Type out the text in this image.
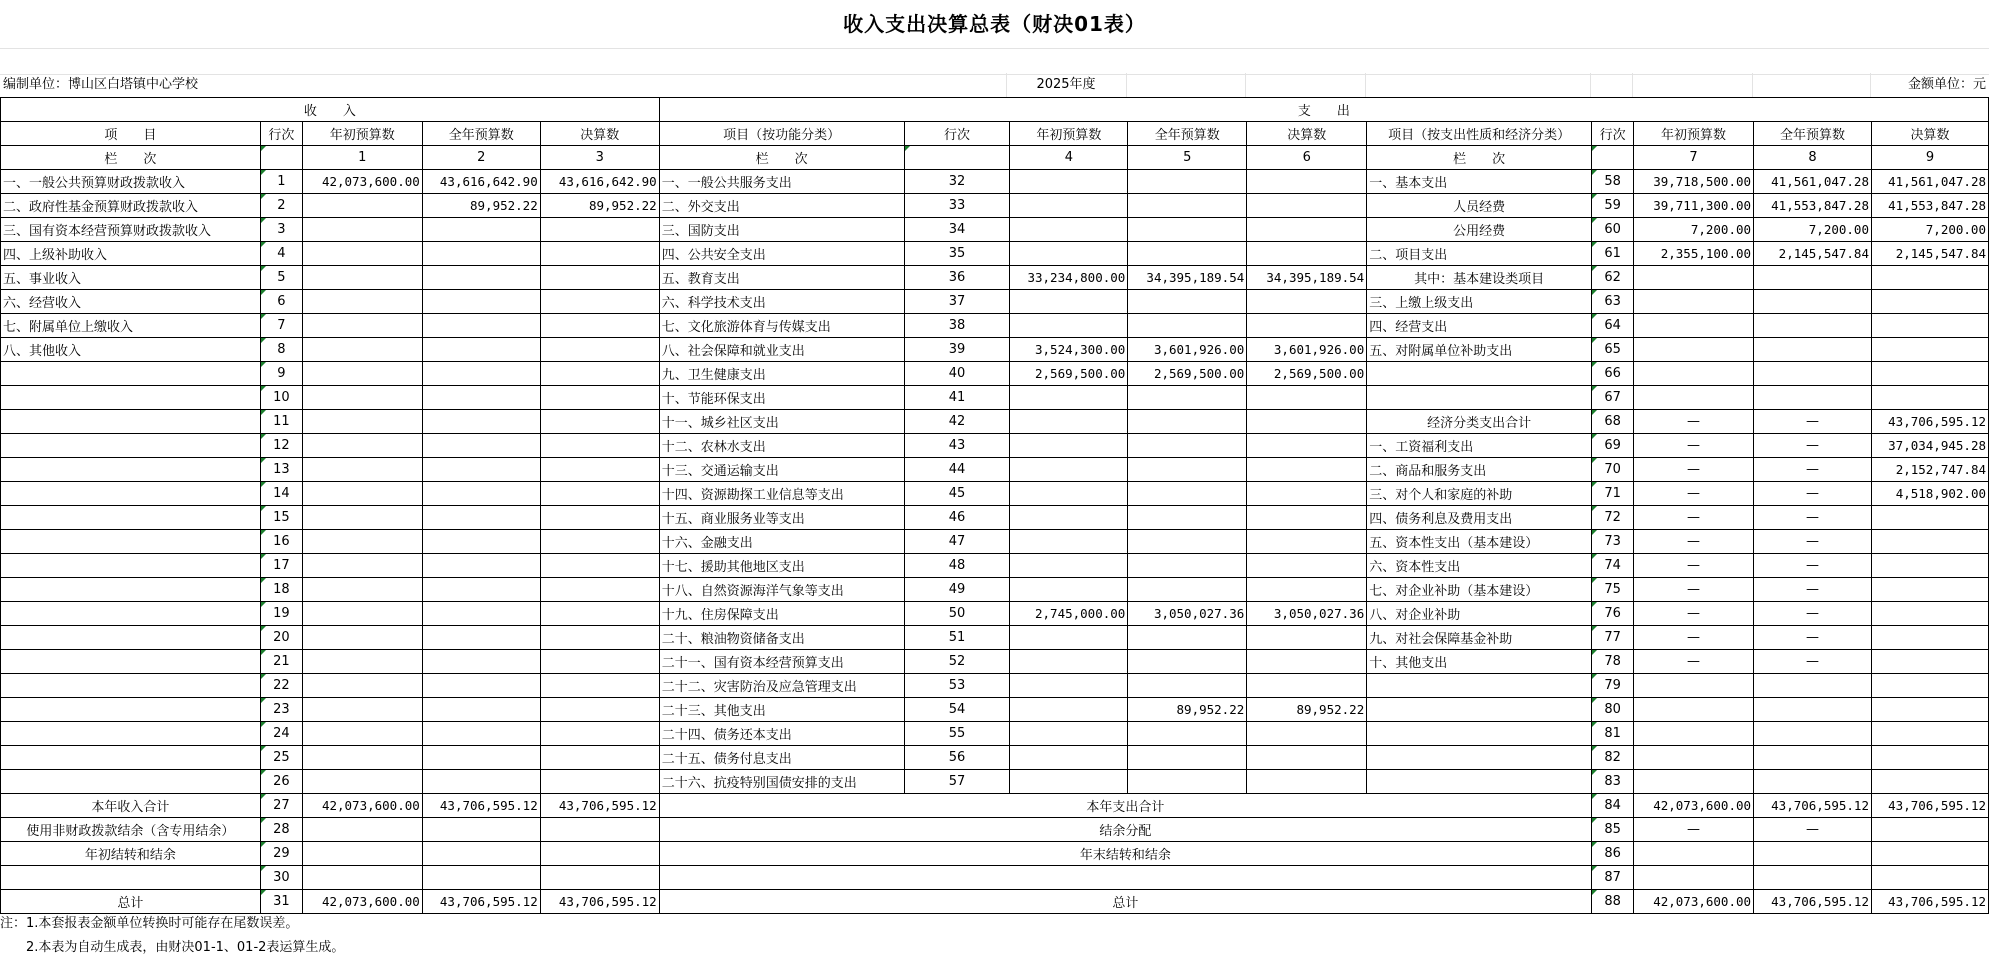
收入支出决算总表（财决01表）
编制单位：博山区白塔镇中心学校	2025年度	金额单位：元
收　　入					支　　出									
项　　目	行次	年初预算数	全年预算数	决算数	项目（按功能分类）	行次	年初预算数	全年预算数	决算数	项目（按支出性质和经济分类）	行次	年初预算数	全年预算数	决算数
栏　　次		1	2	3	栏　　次		4	5	6	栏　　次		7	8	9
一、一般公共预算财政拨款收入	1	42,073,600.00	43,616,642.90	43,616,642.90	一、一般公共服务支出	32				一、基本支出	58	39,718,500.00	41,561,047.28	41,561,047.28
二、政府性基金预算财政拨款收入	2		89,952.22	89,952.22	二、外交支出	33				人员经费	59	39,711,300.00	41,553,847.28	41,553,847.28
三、国有资本经营预算财政拨款收入	3				三、国防支出	34				公用经费	60	7,200.00	7,200.00	7,200.00
四、上级补助收入	4				四、公共安全支出	35				二、项目支出	61	2,355,100.00	2,145,547.84	2,145,547.84
五、事业收入	5				五、教育支出	36	33,234,800.00	34,395,189.54	34,395,189.54	其中：基本建设类项目	62			
六、经营收入	6				六、科学技术支出	37				三、上缴上级支出	63			
七、附属单位上缴收入	7				七、文化旅游体育与传媒支出	38				四、经营支出	64			
八、其他收入	8				八、社会保障和就业支出	39	3,524,300.00	3,601,926.00	3,601,926.00	五、对附属单位补助支出	65			
	9				九、卫生健康支出	40	2,569,500.00	2,569,500.00	2,569,500.00		66			
	10				十、节能环保支出	41					67			
	11				十一、城乡社区支出	42				经济分类支出合计	68	—	—	43,706,595.12
	12				十二、农林水支出	43				一、工资福利支出	69	—	—	37,034,945.28
	13				十三、交通运输支出	44				二、商品和服务支出	70	—	—	2,152,747.84
	14				十四、资源勘探工业信息等支出	45				三、对个人和家庭的补助	71	—	—	4,518,902.00
	15				十五、商业服务业等支出	46				四、债务利息及费用支出	72	—	—	
	16				十六、金融支出	47				五、资本性支出（基本建设）	73	—	—	
	17				十七、援助其他地区支出	48				六、资本性支出	74	—	—	
	18				十八、自然资源海洋气象等支出	49				七、对企业补助（基本建设）	75	—	—	
	19				十九、住房保障支出	50	2,745,000.00	3,050,027.36	3,050,027.36	八、对企业补助	76	—	—	
	20				二十、粮油物资储备支出	51				九、对社会保障基金补助	77	—	—	
	21				二十一、国有资本经营预算支出	52				十、其他支出	78	—	—	
	22				二十二、灾害防治及应急管理支出	53					79			
	23				二十三、其他支出	54		89,952.22	89,952.22		80			
	24				二十四、债务还本支出	55					81			
	25				二十五、债务付息支出	56					82			
	26				二十六、抗疫特别国债安排的支出	57					83			
本年收入合计	27	42,073,600.00	43,706,595.12	43,706,595.12	本年支出合计						84	42,073,600.00	43,706,595.12	43,706,595.12
使用非财政拨款结余（含专用结余）	28				结余分配						85	—	—	
年初结转和结余	29				年末结转和结余						86			
	30										87			
总计	31	42,073,600.00	43,706,595.12	43,706,595.12	总计						88	42,073,600.00	43,706,595.12	43,706,595.12
注：1.本套报表金额单位转换时可能存在尾数误差。
　　2.本表为自动生成表，由财决01-1、01-2表运算生成。
